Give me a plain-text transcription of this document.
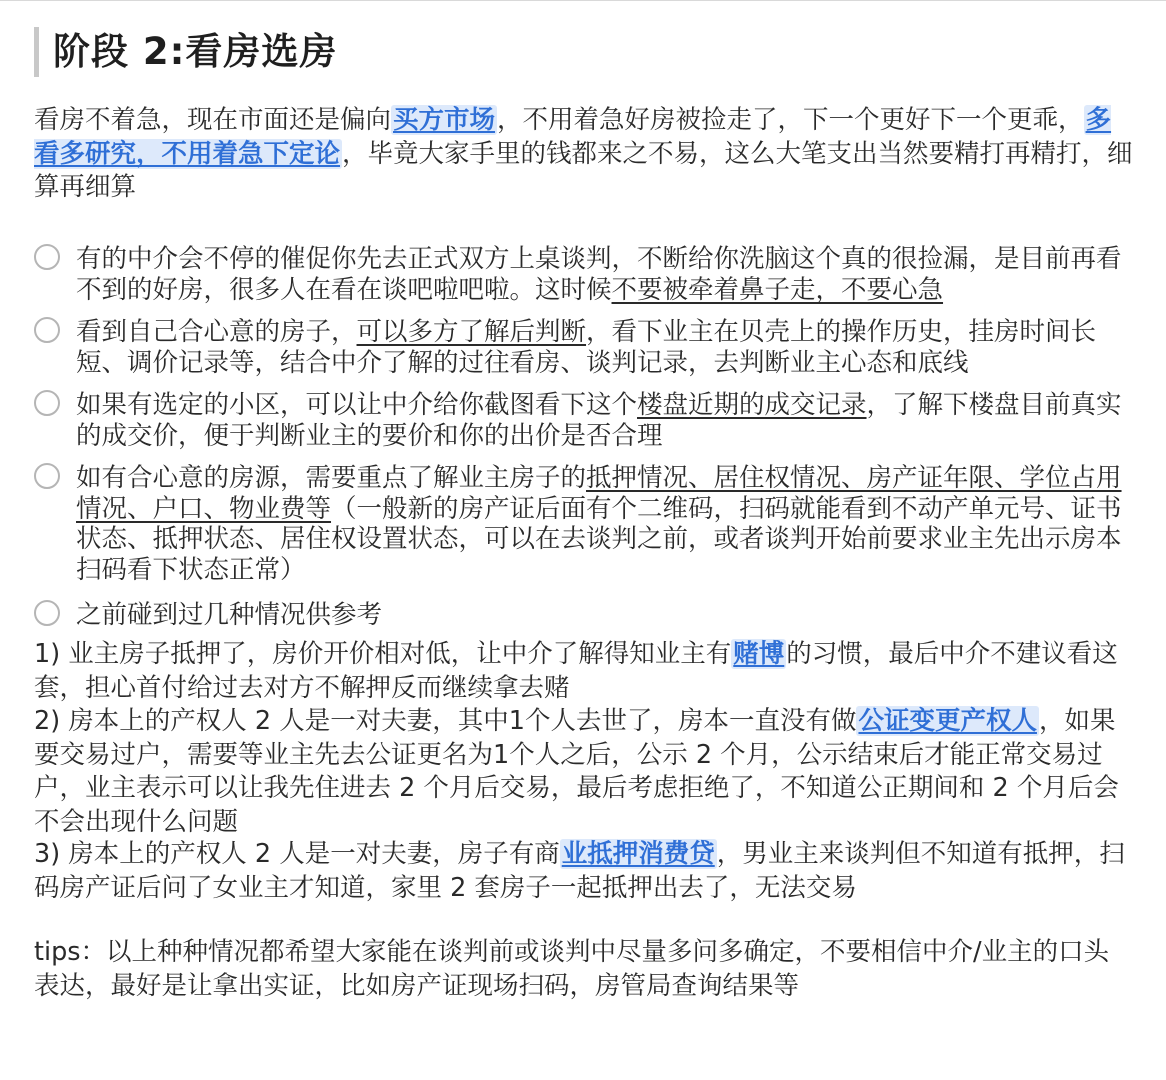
阶段 2:看房选房
看房不着急，现在市面还是偏向买方市场，不用着急好房被捡走了，下一个更好下一个更乖，多看多研究，不用着急下定论，毕竟大家手里的钱都来之不易，这么大笔支出当然要精打再精打，细算再细算
有的中介会不停的催促你先去正式双方上桌谈判，不断给你洗脑这个真的很捡漏，是目前再看不到的好房，很多人在看在谈吧啦吧啦。这时候不要被牵着鼻子走，不要心急
看到自己合心意的房子，可以多方了解后判断，看下业主在贝壳上的操作历史，挂房时间长短、调价记录等，结合中介了解的过往看房、谈判记录，去判断业主心态和底线
如果有选定的小区，可以让中介给你截图看下这个楼盘近期的成交记录，了解下楼盘目前真实的成交价，便于判断业主的要价和你的出价是否合理
如有合心意的房源，需要重点了解业主房子的抵押情况、居住权情况、房产证年限、学位占用情况、户口、物业费等（一般新的房产证后面有个二维码，扫码就能看到不动产单元号、证书状态、抵押状态、居住权设置状态，可以在去谈判之前，或者谈判开始前要求业主先出示房本扫码看下状态正常）
之前碰到过几种情况供参考
1) 业主房子抵押了，房价开价相对低，让中介了解得知业主有赌博的习惯，最后中介不建议看这套，担心首付给过去对方不解押反而继续拿去赌
2) 房本上的产权人 2 人是一对夫妻，其中1个人去世了，房本一直没有做公证变更产权人，如果要交易过户，需要等业主先去公证更名为1个人之后，公示 2 个月，公示结束后才能正常交易过户，业主表示可以让我先住进去 2 个月后交易，最后考虑拒绝了，不知道公正期间和 2 个月后会不会出现什么问题
3) 房本上的产权人 2 人是一对夫妻，房子有商业抵押消费贷，男业主来谈判但不知道有抵押，扫码房产证后问了女业主才知道，家里 2 套房子一起抵押出去了，无法交易
tips：以上种种情况都希望大家能在谈判前或谈判中尽量多问多确定，不要相信中介/业主的口头表达，最好是让拿出实证，比如房产证现场扫码，房管局查询结果等
